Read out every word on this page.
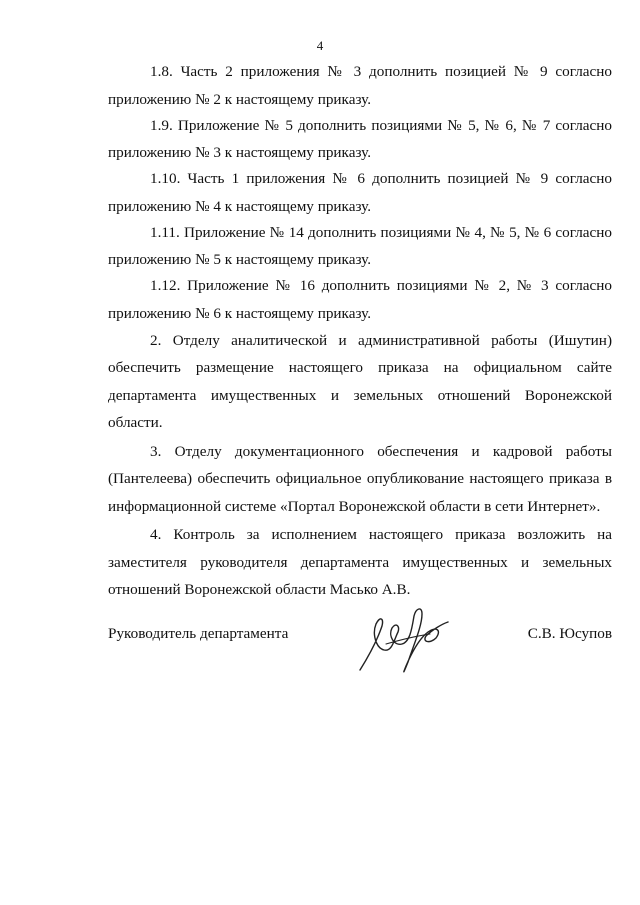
4

1.8. Часть 2 приложения № 3 дополнить позицией № 9 согласно приложению № 2 к настоящему приказу.

1.9. Приложение № 5 дополнить позициями № 5, № 6, № 7 согласно приложению № 3 к настоящему приказу.

1.10. Часть 1 приложения № 6 дополнить позицией № 9 согласно приложению № 4 к настоящему приказу.

1.11. Приложение № 14 дополнить позициями № 4, № 5, № 6 согласно приложению № 5 к настоящему приказу.

1.12. Приложение № 16 дополнить позициями № 2, № 3 согласно приложению № 6 к настоящему приказу.

2. Отделу аналитической и административной работы (Ишутин) обеспечить размещение настоящего приказа на официальном сайте департамента имущественных и земельных отношений Воронежской области.

3. Отделу документационного обеспечения и кадровой работы (Пантелеева) обеспечить официальное опубликование настоящего приказа в информационной системе «Портал Воронежской области в сети Интернет».

4. Контроль за исполнением настоящего приказа возложить на заместителя руководителя департамента имущественных и земельных отношений Воронежской области Масько А.В.

Руководитель департамента	С.В. Юсупов
